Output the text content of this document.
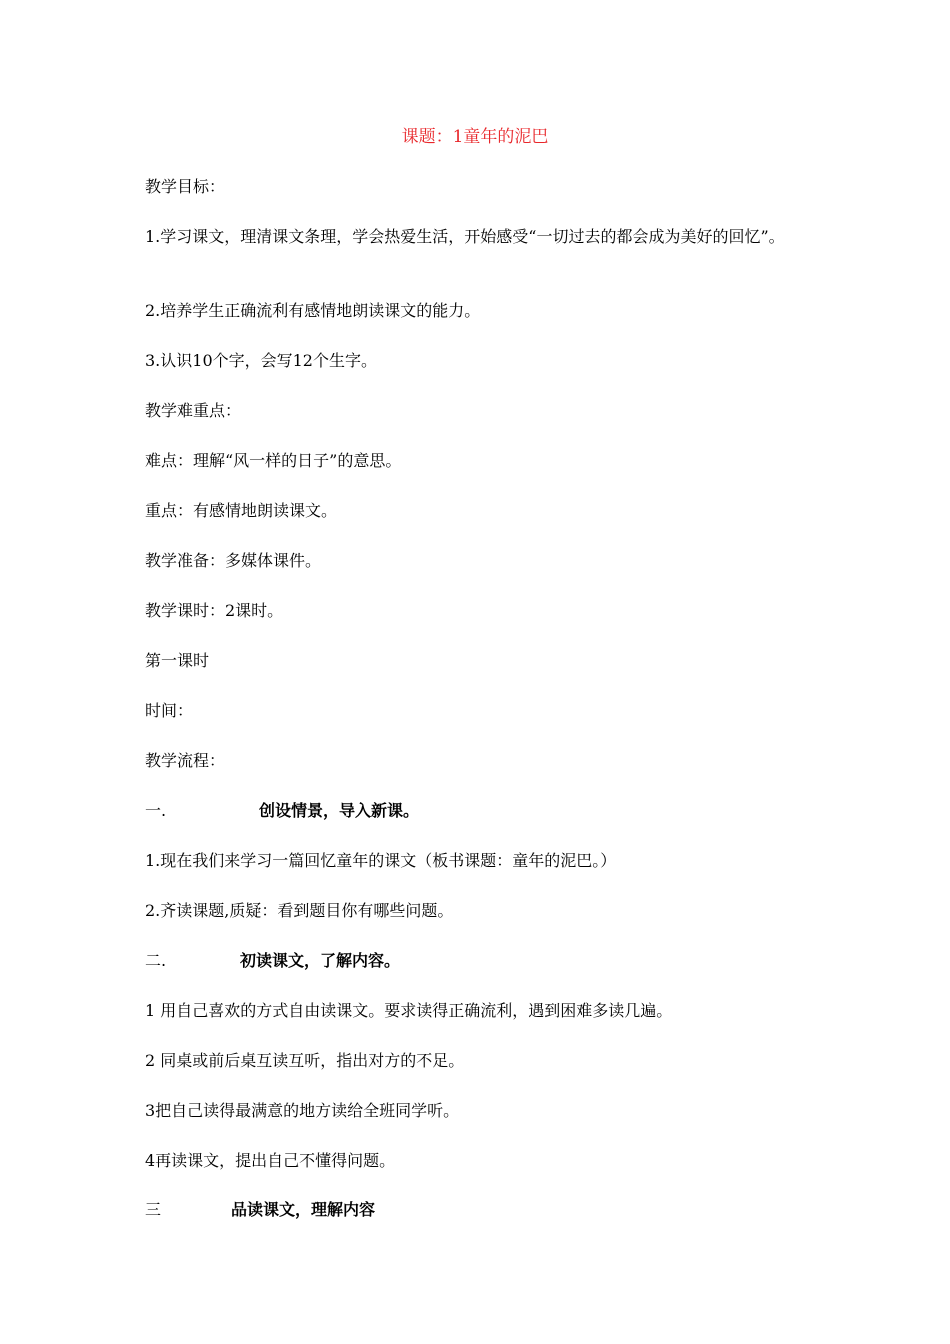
课题：1童年的泥巴
教学目标：
1.学习课文，理清课文条理，学会热爱生活，开始感受“一切过去的都会成为美好的回忆”。
2.培养学生正确流利有感情地朗读课文的能力。
3.认识10个字，会写12个生字。
教学难重点：
难点：理解“风一样的日子”的意思。
重点：有感情地朗读课文。
教学准备：多媒体课件。
教学课时：2课时。
第一课时
时间：
教学流程：
一.	创设情景，导入新课。
1.现在我们来学习一篇回忆童年的课文（板书课题：童年的泥巴。）
2.齐读课题,质疑：看到题目你有哪些问题。
二.	初读课文，了解内容。
1 用自己喜欢的方式自由读课文。要求读得正确流利，遇到困难多读几遍。
2 同桌或前后桌互读互听，指出对方的不足。
3把自己读得最满意的地方读给全班同学听。
4再读课文，提出自己不懂得问题。
三	品读课文，理解内容
